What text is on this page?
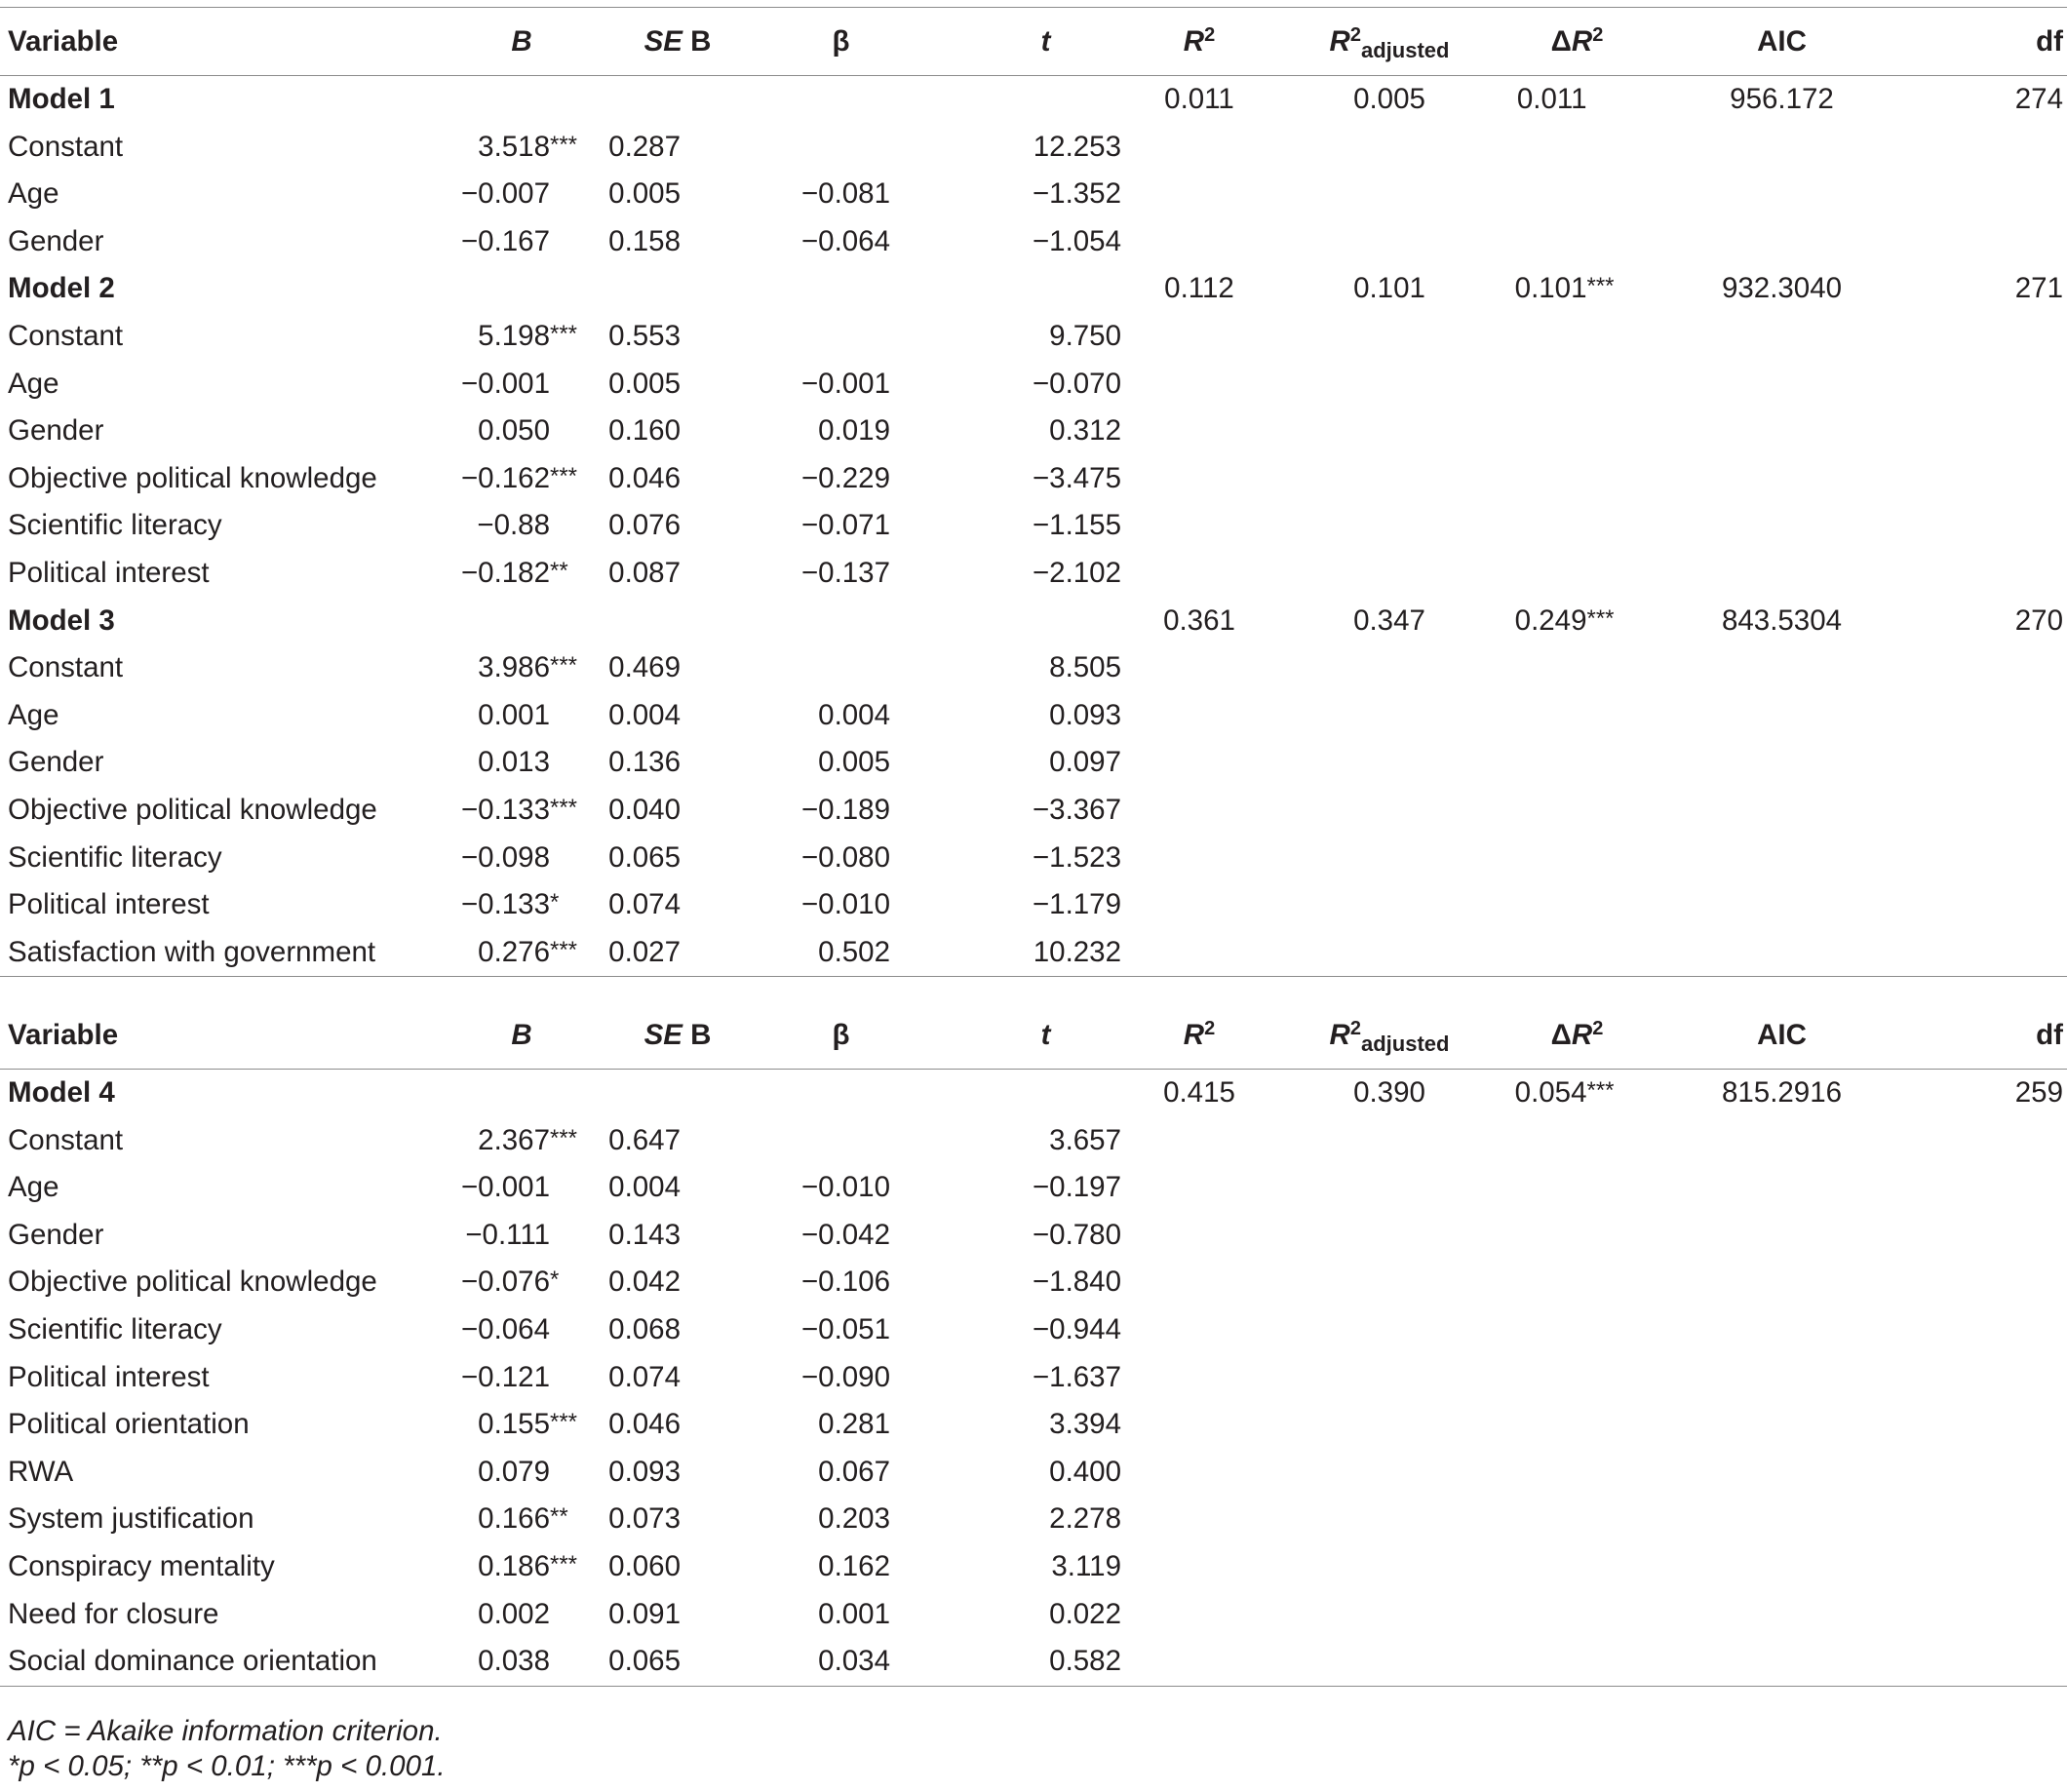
Variable	B	SE B	β	t	$R^2$	$R^2_{adjusted}$	$\Delta R^2$	AIC	df
Model 1					0.011	0.005	0.011	956.172	274
Constant	3.518***	0.287		12.253					
Age	−0.007	0.005	−0.081	−1.352					
Gender	−0.167	0.158	−0.064	−1.054					
Model 2					0.112	0.101	0.101***	932.3040	271
Constant	5.198***	0.553		9.750					
Age	−0.001	0.005	−0.001	−0.070					
Gender	0.050	0.160	0.019	0.312					
Objective political knowledge	−0.162***	0.046	−0.229	−3.475					
Scientific literacy	−0.88	0.076	−0.071	−1.155					
Political interest	−0.182**	0.087	−0.137	−2.102					
Model 3					0.361	0.347	0.249***	843.5304	270
Constant	3.986***	0.469		8.505					
Age	0.001	0.004	0.004	0.093					
Gender	0.013	0.136	0.005	0.097					
Objective political knowledge	−0.133***	0.040	−0.189	−3.367					
Scientific literacy	−0.098	0.065	−0.080	−1.523					
Political interest	−0.133*	0.074	−0.010	−1.179					
Satisfaction with government	0.276***	0.027	0.502	10.232					
Variable	B	SE B	β	t	$R^2$	$R^2_{adjusted}$	$\Delta R^2$	AIC	df
Model 4					0.415	0.390	0.054***	815.2916	259
Constant	2.367***	0.647		3.657					
Age	−0.001	0.004	−0.010	−0.197					
Gender	−0.111	0.143	−0.042	−0.780					
Objective political knowledge	−0.076*	0.042	−0.106	−1.840					
Scientific literacy	−0.064	0.068	−0.051	−0.944					
Political interest	−0.121	0.074	−0.090	−1.637					
Political orientation	0.155***	0.046	0.281	3.394					
RWA	0.079	0.093	0.067	0.400					
System justification	0.166**	0.073	0.203	2.278					
Conspiracy mentality	0.186***	0.060	0.162	3.119					
Need for closure	0.002	0.091	0.001	0.022					
Social dominance orientation	0.038	0.065	0.034	0.582					
AIC = Akaike information criterion.
*p < 0.05; **p < 0.01; ***p < 0.001.
